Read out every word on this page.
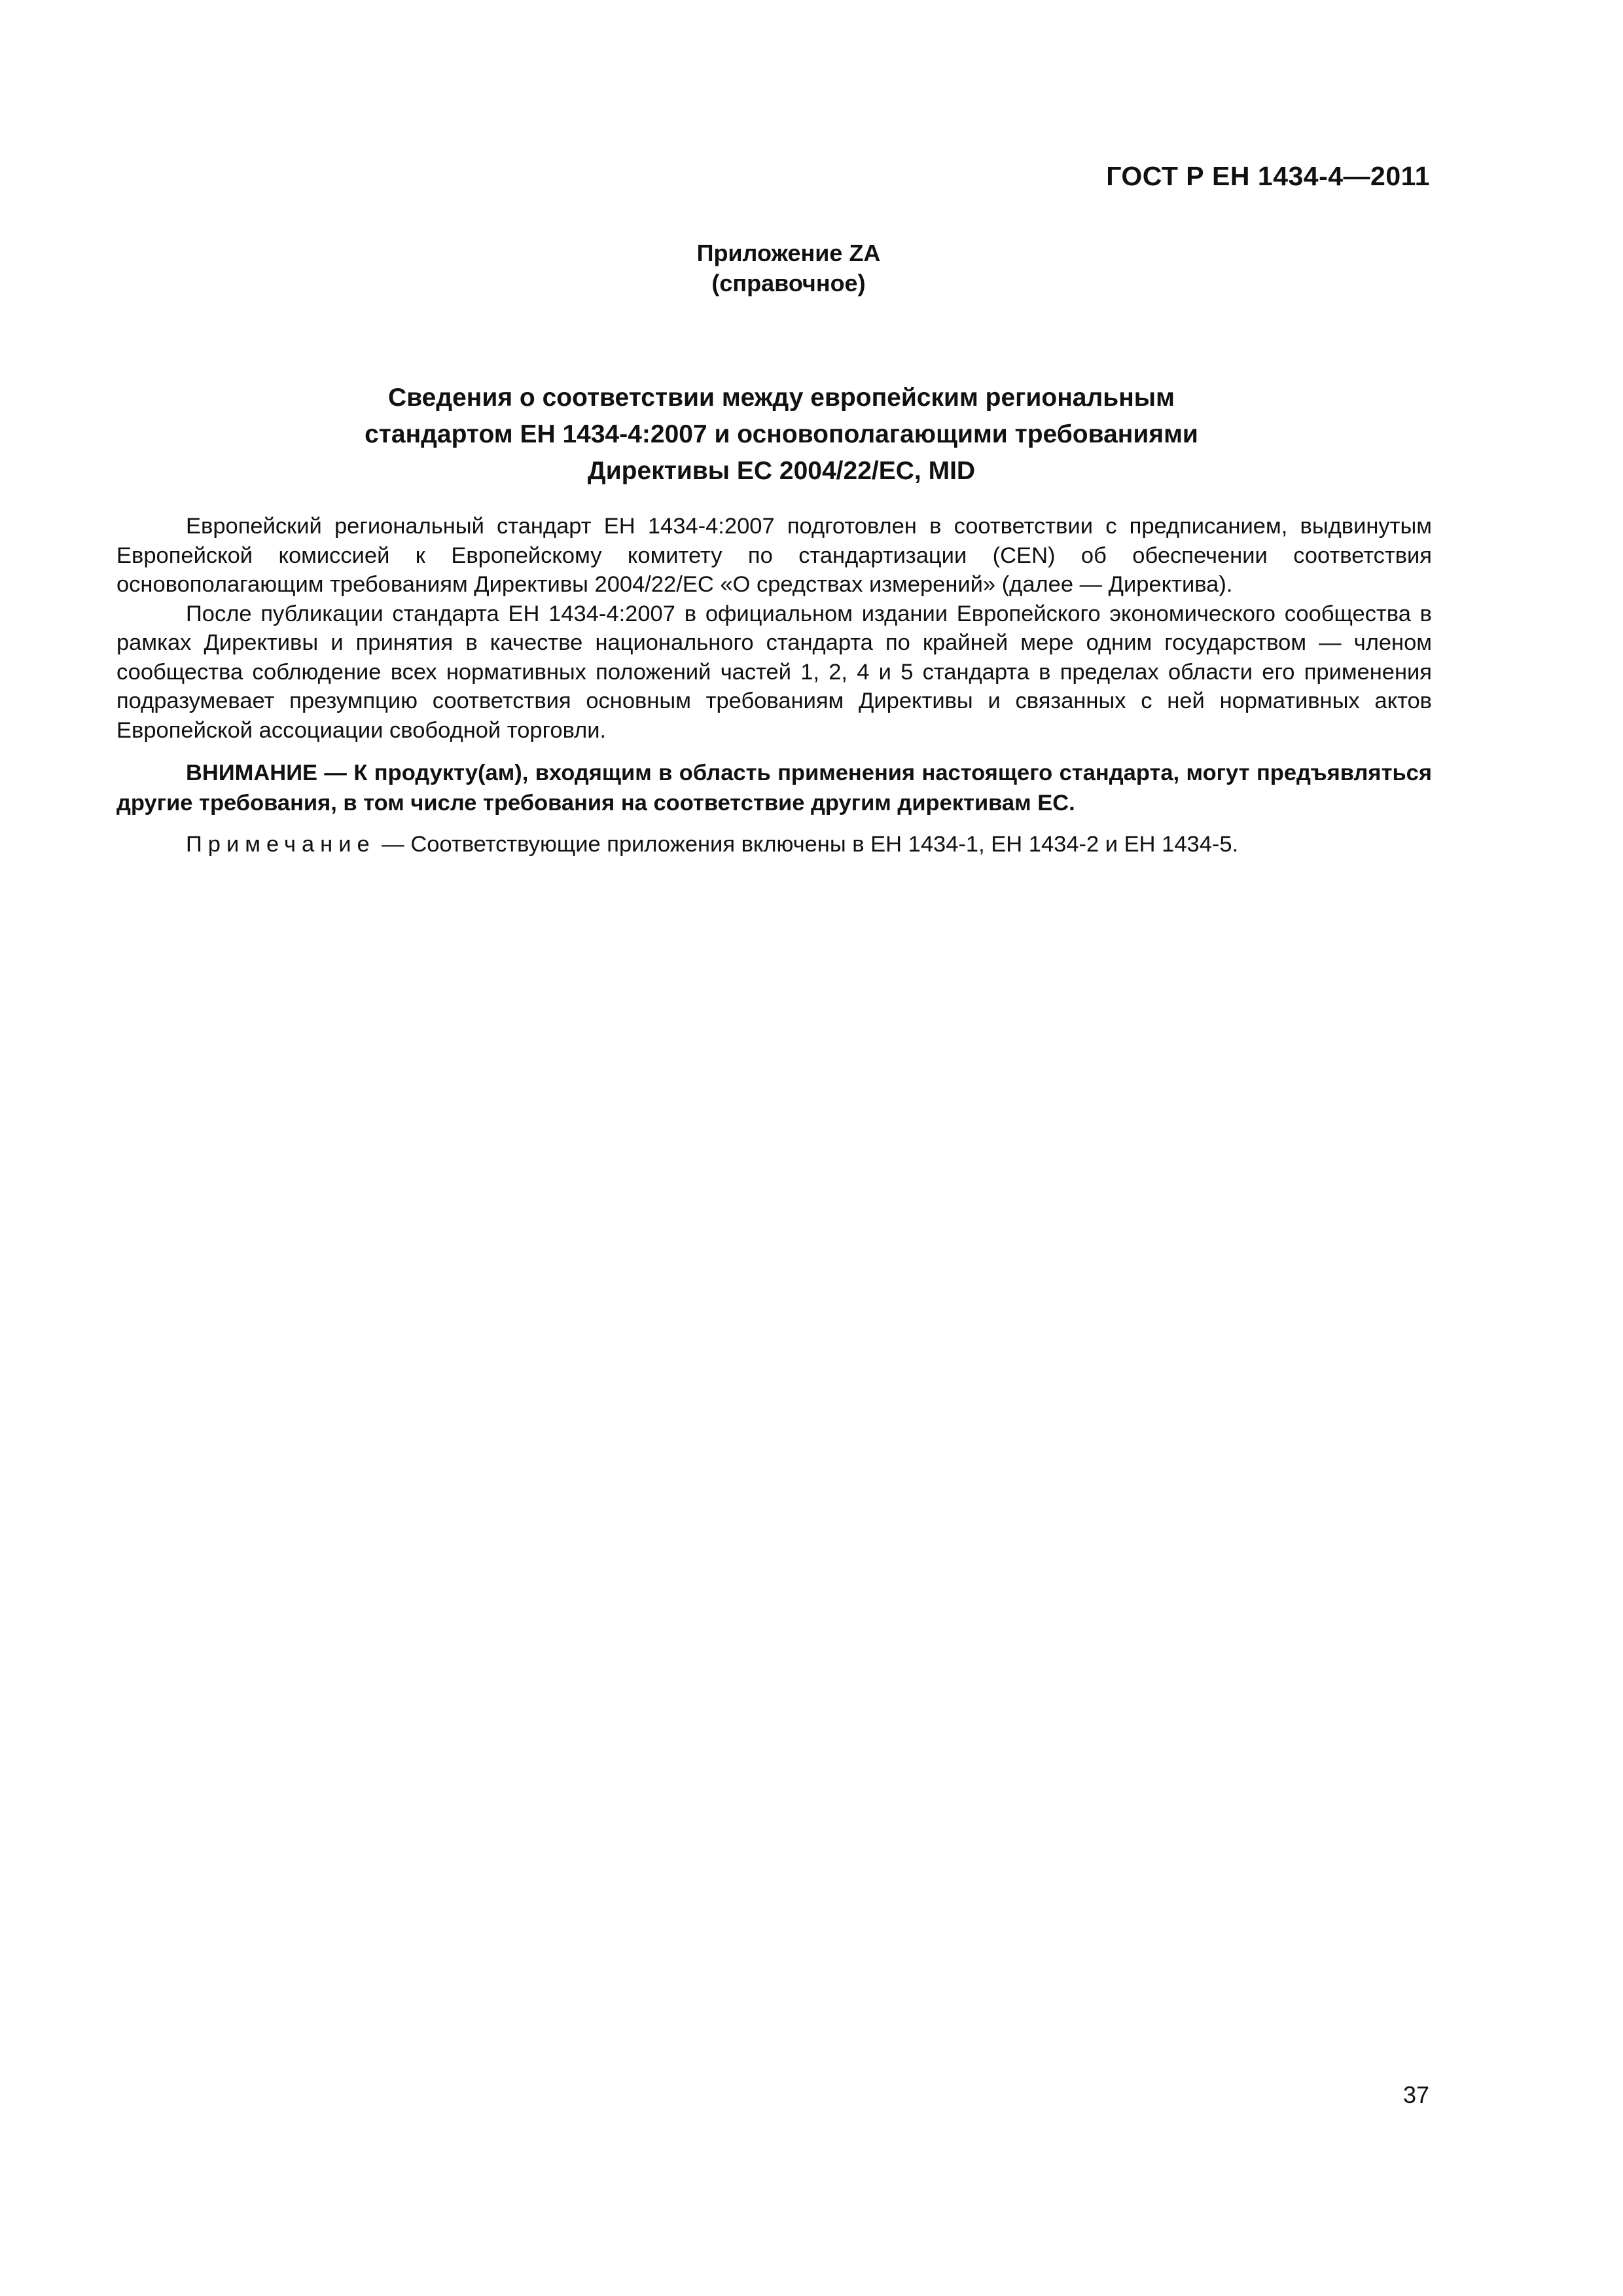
ГОСТ Р ЕН 1434-4—2011
Приложение ZA
(справочное)
Сведения о соответствии между европейским региональным
стандартом ЕН 1434-4:2007 и основополагающими требованиями
Директивы ЕС 2004/22/ЕС, MID

Европейский региональный стандарт ЕН 1434-4:2007 подготовлен в соответствии с предписанием, выдвинутым Европейской комиссией к Европейскому комитету по стандартизации (CEN) об обеспечении соответствия основополагающим требованиям Директивы 2004/22/ЕС «О средствах измерений» (далее — Директива).

После публикации стандарта ЕН 1434-4:2007 в официальном издании Европейского экономического сообщества в рамках Директивы и принятия в качестве национального стандарта по крайней мере одним государством — членом сообщества соблюдение всех нормативных положений частей 1, 2, 4 и 5 стандарта в пределах области его применения подразумевает презумпцию соответствия основным требованиям Директивы и связанных с ней нормативных актов Европейской ассоциации свободной торговли.

ВНИМАНИЕ — К продукту(ам), входящим в область применения настоящего стандарта, могут предъявляться другие требования, в том числе требования на соответствие другим директивам ЕС.

Примечание — Соответствующие приложения включены в ЕН 1434-1, ЕН 1434-2 и ЕН 1434-5.

37
